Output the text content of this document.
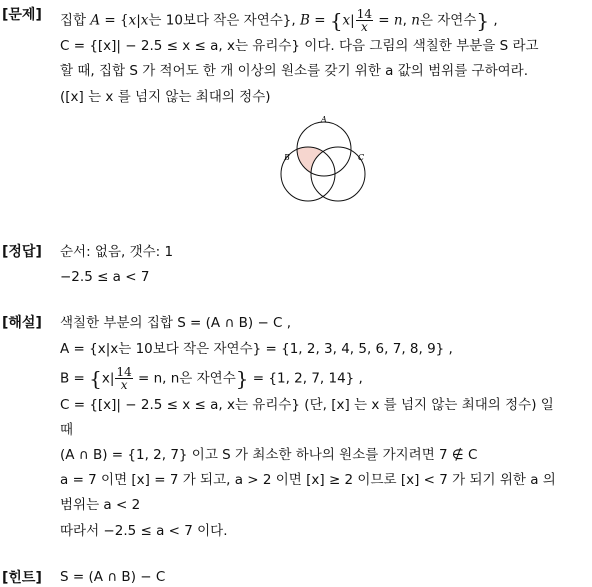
[문제] 집합 A = {x|x는 10보다 작은 자연수}, $B = \{x| \frac{14}{x} = n$, n은 자연수} ,
C = {[x]| − 2.5 ≤ x ≤ a, x는 유리수} 이다. 다음 그림의 색칠한 부분을 S 라고
할 때, 집합 S 가 적어도 한 개 이상의 원소를 갖기 위한 a 값의 범위를 구하여라.
([x] 는 x 를 넘지 않는 최대의 정수)
A
B	C
[정답] 순서: 없음, 갯수: 1
−2.5 ≤ a < 7
[해설] 색칠한 부분의 집합 S = (A ∩ B) − C ,
A = {x|x는 10보다 작은 자연수} = {1, 2, 3, 4, 5, 6, 7, 8, 9} ,
$B = \{x| \frac{14}{x} = n$, n은 자연수} = {1, 2, 7, 14} ,
C = {[x]| − 2.5 ≤ x ≤ a, x는 유리수} (단, [x] 는 x 를 넘지 않는 최대의 정수) 일
때
(A ∩ B) = {1, 2, 7} 이고 S 가 최소한 하나의 원소를 가지려면 7 ∉ C
a = 7 이면 [x] = 7 가 되고, a > 2 이면 [x] ≥ 2 이므로 [x] < 7 가 되기 위한 a 의
범위는 a < 2
따라서 −2.5 ≤ a < 7 이다.
[힌트] S = (A ∩ B) − C
